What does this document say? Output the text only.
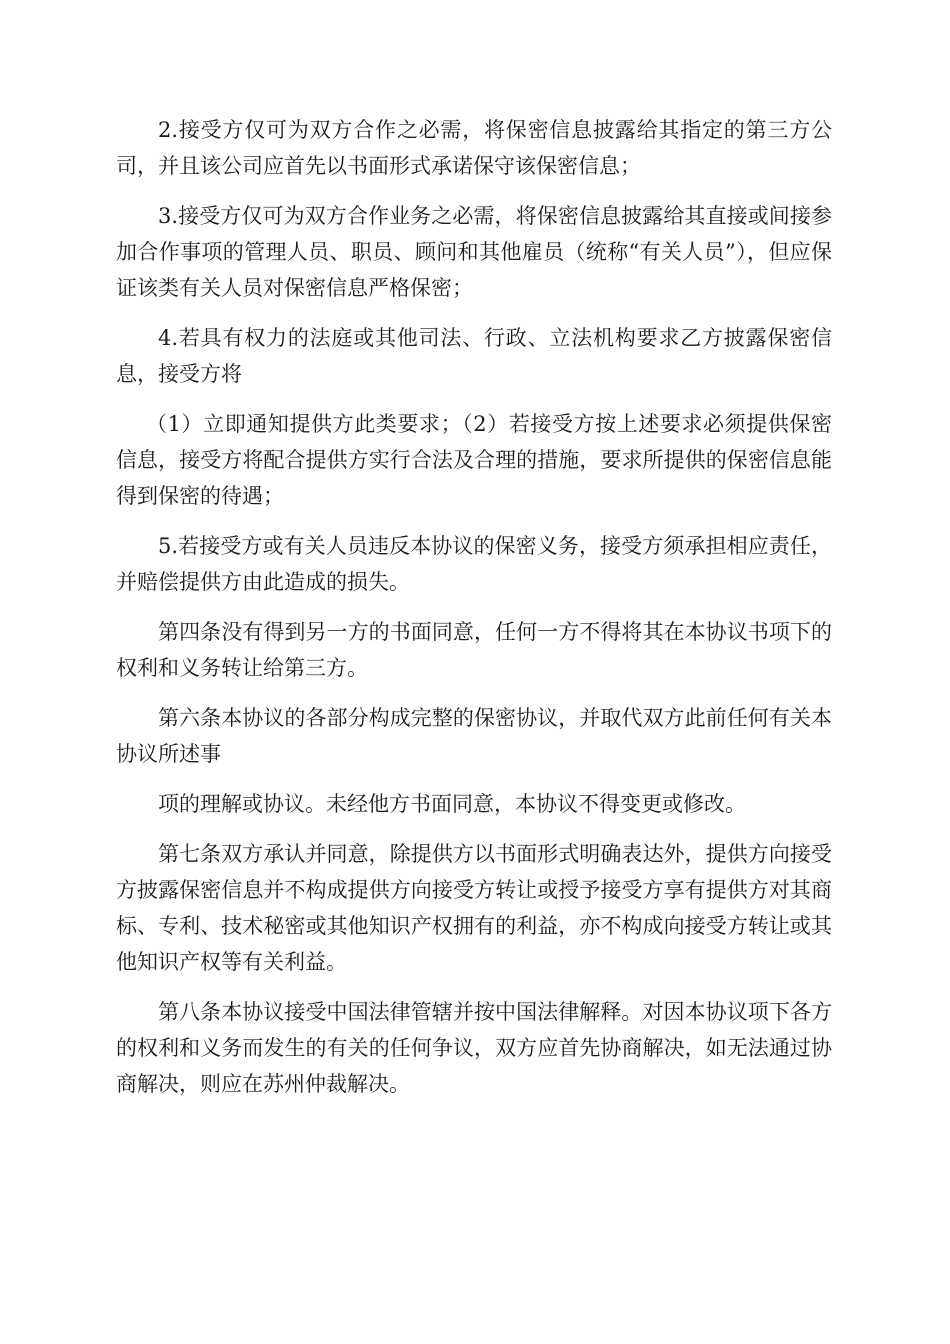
2.接受方仅可为双方合作之必需，将保密信息披露给其指定的第三方公司，并且该公司应首先以书面形式承诺保守该保密信息；

3.接受方仅可为双方合作业务之必需，将保密信息披露给其直接或间接参加合作事项的管理人员、职员、顾问和其他雇员（统称“有关人员”），但应保证该类有关人员对保密信息严格保密；

4.若具有权力的法庭或其他司法、行政、立法机构要求乙方披露保密信息，接受方将

（1）立即通知提供方此类要求；（2）若接受方按上述要求必须提供保密信息，接受方将配合提供方实行合法及合理的措施，要求所提供的保密信息能得到保密的待遇；

5.若接受方或有关人员违反本协议的保密义务，接受方须承担相应责任，并赔偿提供方由此造成的损失。

第四条没有得到另一方的书面同意，任何一方不得将其在本协议书项下的权利和义务转让给第三方。

第六条本协议的各部分构成完整的保密协议，并取代双方此前任何有关本协议所述事

项的理解或协议。未经他方书面同意，本协议不得变更或修改。

第七条双方承认并同意，除提供方以书面形式明确表达外，提供方向接受方披露保密信息并不构成提供方向接受方转让或授予接受方享有提供方对其商标、专利、技术秘密或其他知识产权拥有的利益，亦不构成向接受方转让或其他知识产权等有关利益。

第八条本协议接受中国法律管辖并按中国法律解释。对因本协议项下各方的权利和义务而发生的有关的任何争议，双方应首先协商解决，如无法通过协商解决，则应在苏州仲裁解决。
